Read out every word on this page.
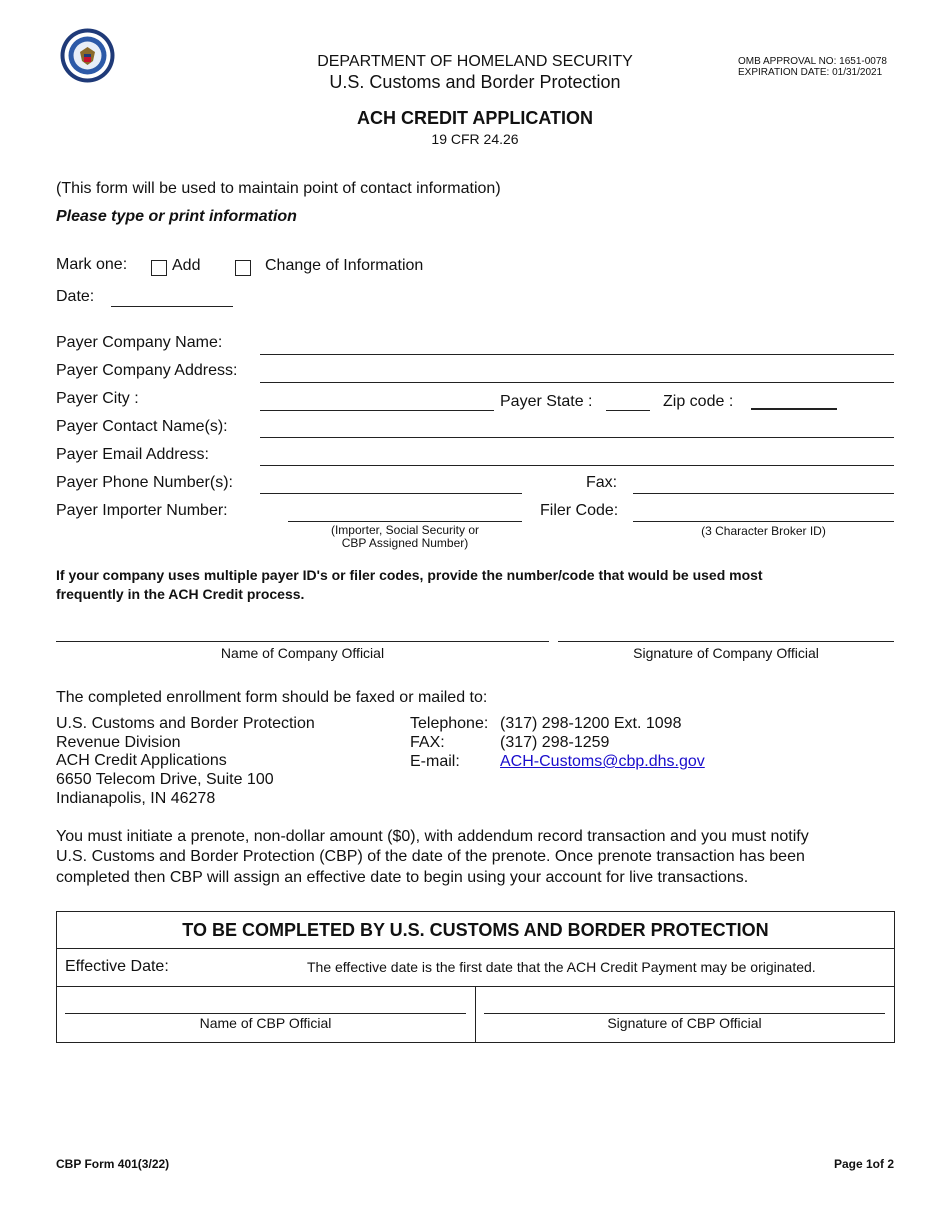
DEPARTMENT OF HOMELAND SECURITY
U.S. Customs and Border Protection
OMB APPROVAL NO: 1651-0078
EXPIRATION DATE: 01/31/2021
ACH CREDIT APPLICATION
19 CFR 24.26
(This form will be used to maintain point of contact information)
Please type or print information
Mark one:	Add	Change of Information
Date:
Payer Company Name:
Payer Company Address:
Payer City :	Payer State :	Zip code :
Payer Contact Name(s):
Payer Email Address:
Payer Phone Number(s):	Fax:
Payer Importer Number:	Filer Code:
(Importer, Social Security or
CBP Assigned Number)
(3 Character Broker ID)
If your company uses multiple payer ID's or filer codes, provide the number/code that would be used most
frequently in the ACH Credit process.
Name of Company Official	Signature of Company Official
The completed enrollment form should be faxed or mailed to:
U.S. Customs and Border Protection
Revenue Division
ACH Credit Applications
6650 Telecom Drive, Suite 100
Indianapolis, IN 46278
Telephone: (317) 298-1200 Ext. 1098
FAX:	(317) 298-1259
E-mail:	ACH-Customs@cbp.dhs.gov
You must initiate a prenote, non-dollar amount ($0), with addendum record transaction and you must notify
U.S. Customs and Border Protection (CBP) of the date of the prenote. Once prenote transaction has been
completed then CBP will assign an effective date to begin using your account for live transactions.
TO BE COMPLETED BY U.S. CUSTOMS AND BORDER PROTECTION
Effective Date:	The effective date is the first date that the ACH Credit Payment may be originated.
Name of CBP Official	Signature of CBP Official
CBP Form 401(3/22)	Page 1of 2
